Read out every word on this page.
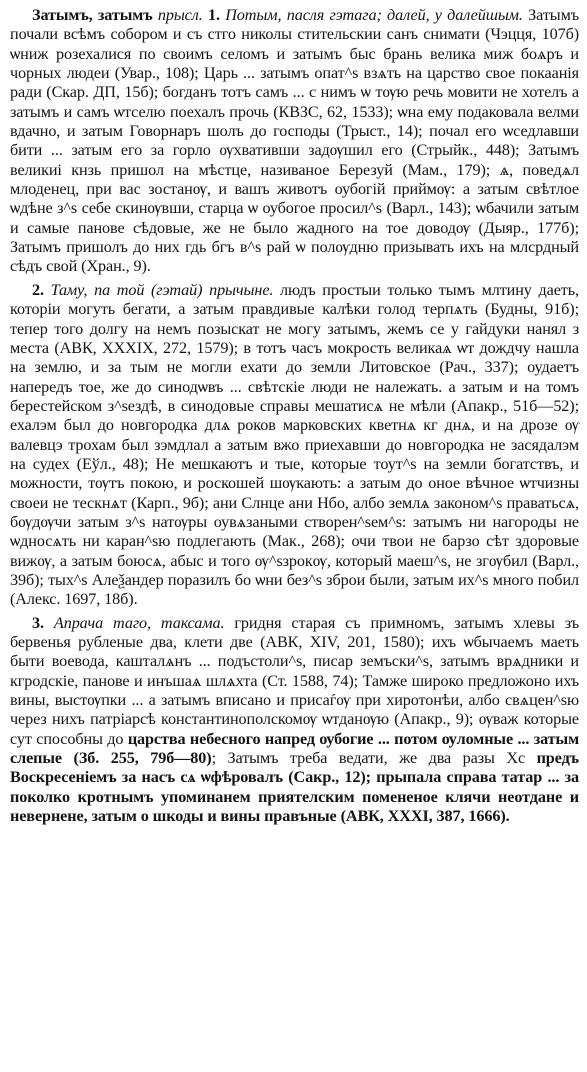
Затымъ, затымъ прысл. 1. Потым, пасля гэтага; далей, у далейшым. Затымъ почали всѣмъ собором и съ стго николы стительскии санъ снимати (Чэцця, 107б) ѡниж розехалися по своимъ селомъ и затымъ быс брань велика миж боѧръ и чорных людеи (Увар., 108); Царь ... затымъ опат^s взѧть на царство свое покаанія ради (Скар. ДП, 15б); богданъ тотъ самъ ... с нимъ ѡ тѹю речь мовити не хотелъ а затымъ и самъ ѡтселю поехалъ прочь (КВЗС, 62, 1533); ѡна ему подаковала велми вдачно, и затым Говорнаръ шолъ до господы (Трыст., 14); почал его ѡседлавши бити ... затым его за горло ѹхвативши задѹшил его (Стрыйк., 448); Затымъ великиі кнзь пришол на мѣстце, називаное Березуй (Мам., 179); ѧ, поведѧл млоденец, при вас зостанѹ, и вашъ животъ оубогій приймѹ: а затым свѣтлое ѡдѣне з^s себе скинѹвши, старца ѡ оубогое просил^s (Варл., 143); ѡбачили затым и самые панове сѣдовые, же не было жадного на тое доводѹ (Дыяр., 177б); Затымъ пришолъ до них гдь бгъ в^s рай ѡ полѹдню призывать ихъ на млсрдный сѣдъ свой (Хран., 9).

2. Таму, па той (гэтай) прычыне. людъ простыи только тымъ млтину даеть, которіи могуть бегати, а затым правдивые калѣки голод терпѧть (Будны, 91б); тепер того долгу на немъ позыскат не могу затымъ, жемъ се у гайдуки нанял з места (АВК, XXXIX, 272, 1579); в тотъ часъ мокрость великаѧ ѡт дождчу нашла на землю, и за тым не могли ехати до земли Литовское (Рач., 337); оудаетъ напередъ тое, же до синодѡвъ ... свѣтскіе люди не належать. а затым и на томъ берестейском з^sездѣ, в синодовые справы мешатисѧ не мѣли (Апакр., 51б—52); ехалэм был до новгородка длѧ роков марковских кветнѧ кг днѧ, и на дрозе ѹ валевцэ трохам был зэмдлал а затым вжо приехавши до новгородка не засядалэм на судех (Еўл., 48); Не мешкаютъ и тые, которые тоут^s на земли богатствъ, и можности, тѹтъ покою, и роскошей шѹкають: а затым до оное вѣчное ѡтчизны своеи не тескнѧт (Карп., 9б); ани Слнце ани Нбо, албо землѧ законом^s праватьсѧ, бѹдѹчи затым з^s натѹры оувѧзаными створен^sем^s: затымъ ни нагороды не ѡдносѧть ни каран^sю подлегають (Мак., 268); очи твои не барзо сѣт здоровые вижѹ, а затым боюсѧ, абыс и того ѹ^sзрокѹ, который маеш^s, не згѹбил (Варл., 39б); тых^s Алеѯандер поразилъ бо ѡни без^s зброи были, затым их^s много побил (Алекс. 1697, 18б).

3. Апрача таго, таксама. гридня старая съ примномъ, затымъ хлевы зъ бервенья рубленые два, клети две (АВК, XIV, 201, 1580); ихъ ѡбычаемъ маеть быти воевода, кашталѧнъ ... подъстоли^s, писар земъски^s, затымъ врѧдники и кгродскіе, панове и инъшаѧ шлѧхта (Ст. 1588, 74); Тамже широко предложоно ихъ вины, выстѹпки ... а затымъ вписано и присаѓѹ при хиротонѣи, албо свѧцен^sю через нихъ патріарсѣ константинополскомѹ ѡтданѹю (Апакр., 9); ѹваж которые сут способны до царства небесного напред ѹбогие ... потом ѹломные ... затым слепые (Зб. 255, 79б—80); Затымъ треба ведати, же два разы Хс предъ Воскресеніемъ за насъ сѧ ѡфѣровалъ (Сакр., 12); прыпала справа татар ... за поколко кротнымъ упоминанем приятелским помененое клячи неотдане и невернене, затым о шкоды и вины правъные (АВК, XXXI, 387, 1666).
